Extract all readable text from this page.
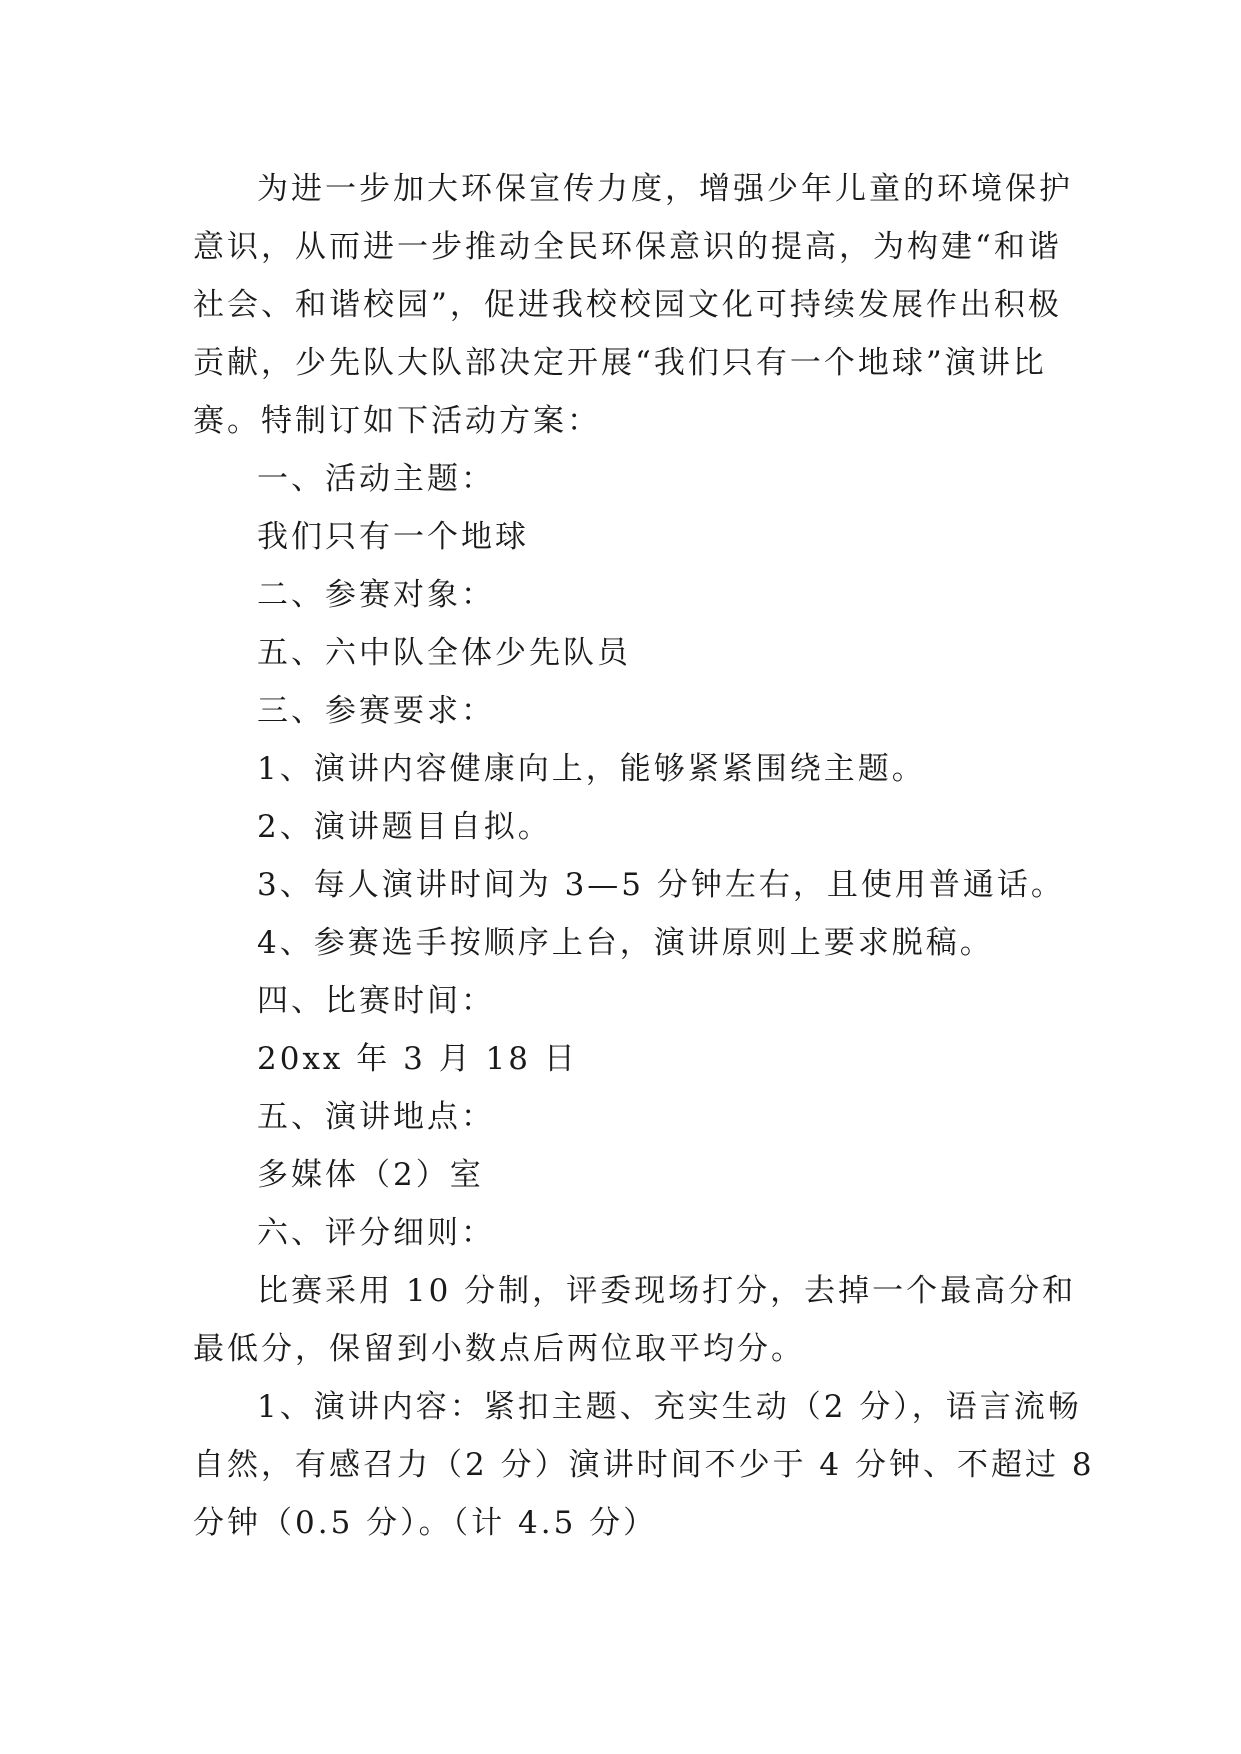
为进一步加大环保宣传力度，增强少年儿童的环境保护
意识，从而进一步推动全民环保意识的提高，为构建“和谐
社会、和谐校园”，促进我校校园文化可持续发展作出积极
贡献，少先队大队部决定开展“我们只有一个地球”演讲比
赛。特制订如下活动方案：
一、活动主题：
我们只有一个地球
二、参赛对象：
五、六中队全体少先队员
三、参赛要求：
1、演讲内容健康向上，能够紧紧围绕主题。
2、演讲题目自拟。
3、每人演讲时间为 3—5 分钟左右，且使用普通话。
4、参赛选手按顺序上台，演讲原则上要求脱稿。
四、比赛时间：
20xx 年 3 月 18 日
五、演讲地点：
多媒体（2）室
六、评分细则：
比赛采用 10 分制，评委现场打分，去掉一个最高分和
最低分，保留到小数点后两位取平均分。
1、演讲内容：紧扣主题、充实生动（2 分），语言流畅
自然，有感召力（2 分）演讲时间不少于 4 分钟、不超过 8
分钟（0.5 分）。（计 4.5 分）
